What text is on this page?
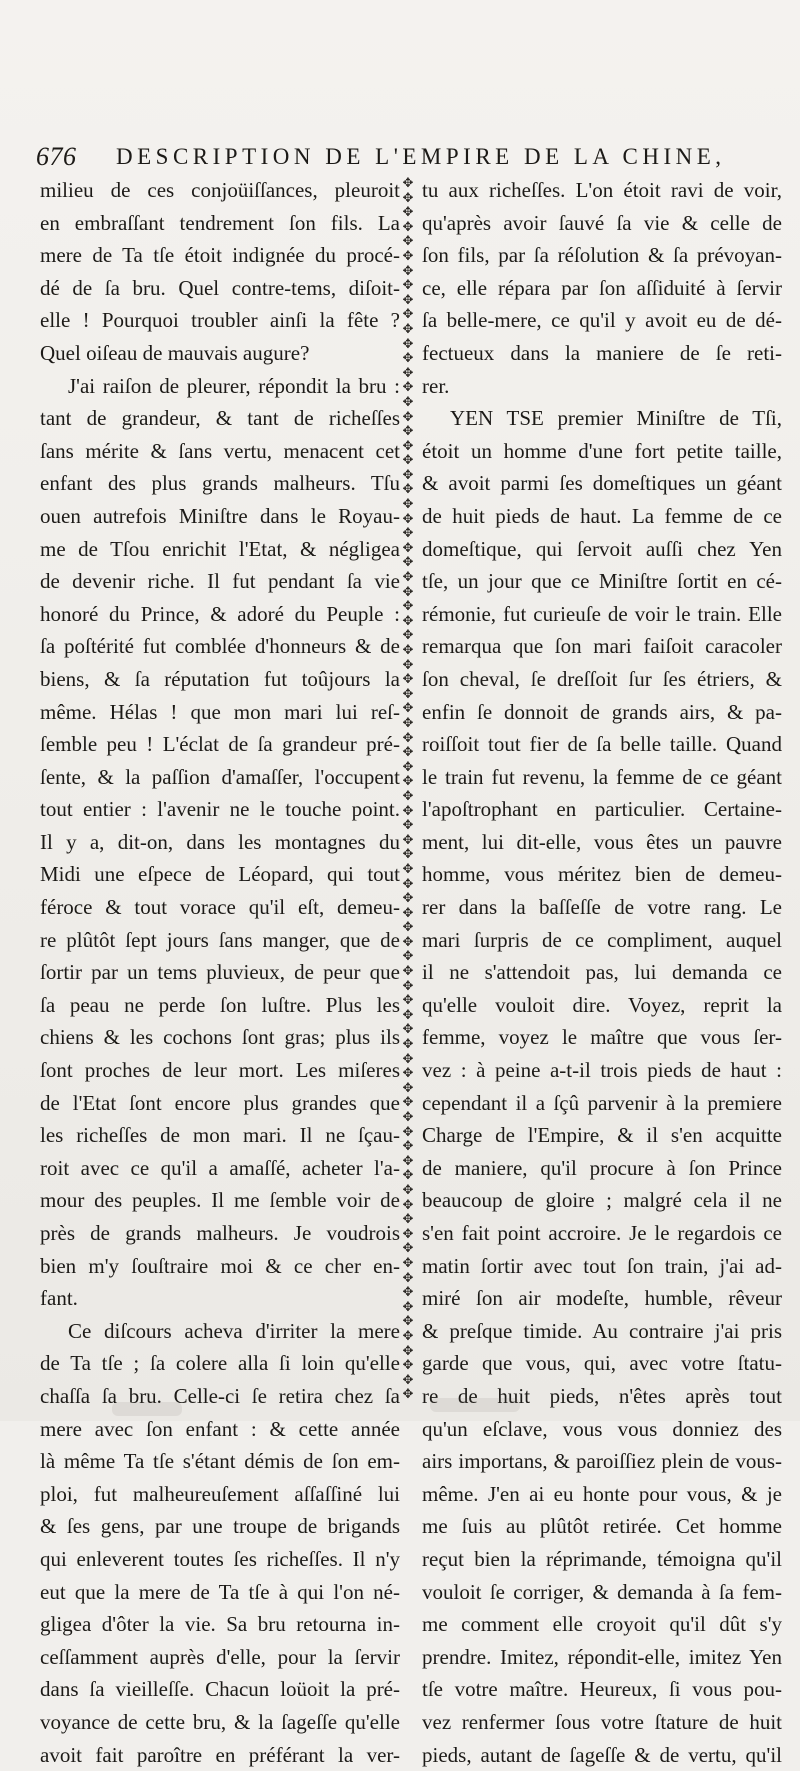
676 DESCRIPTION DE L'EMPIRE DE LA CHINE,
milieu de ces conjoüiſſances, pleuroit
en embraſſant tendrement ſon fils. La
mere de Ta tſe étoit indignée du procé-
dé de ſa bru. Quel contre-tems, diſoit-
elle ! Pourquoi troubler ainſi la fête ?
Quel oiſeau de mauvais augure?
J'ai raiſon de pleurer, répondit la bru :
tant de grandeur, & tant de richeſſes
ſans mérite & ſans vertu, menacent cet
enfant des plus grands malheurs. Tſu
ouen autrefois Miniſtre dans le Royau-
me de Tſou enrichit l'Etat, & négligea
de devenir riche. Il fut pendant ſa vie
honoré du Prince, & adoré du Peuple :
ſa poſtérité fut comblée d'honneurs & de
biens, & ſa réputation fut toûjours la
même. Hélas ! que mon mari lui reſ-
ſemble peu ! L'éclat de ſa grandeur pré-
ſente, & la paſſion d'amaſſer, l'occupent
tout entier : l'avenir ne le touche point.
Il y a, dit-on, dans les montagnes du
Midi une eſpece de Léopard, qui tout
féroce & tout vorace qu'il eſt, demeu-
re plûtôt ſept jours ſans manger, que de
ſortir par un tems pluvieux, de peur que
ſa peau ne perde ſon luſtre. Plus les
chiens & les cochons ſont gras; plus ils
ſont proches de leur mort. Les miſeres
de l'Etat ſont encore plus grandes que
les richeſſes de mon mari. Il ne ſçau-
roit avec ce qu'il a amaſſé, acheter l'a-
mour des peuples. Il me ſemble voir de
près de grands malheurs. Je voudrois
bien m'y ſouſtraire moi & ce cher en-
fant.
Ce diſcours acheva d'irriter la mere
de Ta tſe ; ſa colere alla ſi loin qu'elle
chaſſa ſa bru. Celle-ci ſe retira chez ſa
mere avec ſon enfant : & cette année
là même Ta tſe s'étant démis de ſon em-
ploi, fut malheureuſement aſſaſſiné lui
& ſes gens, par une troupe de brigands
qui enleverent toutes ſes richeſſes. Il n'y
eut que la mere de Ta tſe à qui l'on né-
gligea d'ôter la vie. Sa bru retourna in-
ceſſamment auprès d'elle, pour la ſervir
dans ſa vieilleſſe. Chacun loüoit la pré-
voyance de cette bru, & la ſageſſe qu'elle
avoit fait paroître en préférant la ver-
✥
✥
✥
✥
✥
✥
✥
✥
✥
✥
✥
✥
✥
✥
✥
✥
✥
✥
✥
✥
✥
✥
✥
✥
✥
✥
✥
✥
✥
✥
✥
✥
✥
✥
✥
✥
✥
✥
✥
✥
✥
✥
✥
✥
✥
✥
✥
✥
✥
✥
✥
✥
✥
✥
✥
✥
✥
✥
✥
✥
✥
✥
✥
✥
✥
✥
✥
✥
✥
✥
✥
✥
✥
✥
✥
✥
✥
✥
✥
✥
✥
✥
✥
✥
tu aux richeſſes. L'on étoit ravi de voir,
qu'après avoir ſauvé ſa vie & celle de
ſon fils, par ſa réſolution & ſa prévoyan-
ce, elle répara par ſon aſſiduité à ſervir
ſa belle-mere, ce qu'il y avoit eu de dé-
fectueux dans la maniere de ſe reti-
rer.
YEN TSE premier Miniſtre de Tſi,
étoit un homme d'une fort petite taille,
& avoit parmi ſes domeſtiques un géant
de huit pieds de haut. La femme de ce
domeſtique, qui ſervoit auſſi chez Yen
tſe, un jour que ce Miniſtre ſortit en cé-
rémonie, fut curieuſe de voir le train. Elle
remarqua que ſon mari faiſoit caracoler
ſon cheval, ſe dreſſoit ſur ſes étriers, &
enfin ſe donnoit de grands airs, & pa-
roiſſoit tout fier de ſa belle taille. Quand
le train fut revenu, la femme de ce géant
l'apoſtrophant en particulier. Certaine-
ment, lui dit-elle, vous êtes un pauvre
homme, vous méritez bien de demeu-
rer dans la baſſeſſe de votre rang. Le
mari ſurpris de ce compliment, auquel
il ne s'attendoit pas, lui demanda ce
qu'elle vouloit dire. Voyez, reprit la
femme, voyez le maître que vous ſer-
vez : à peine a-t-il trois pieds de haut :
cependant il a ſçû parvenir à la premiere
Charge de l'Empire, & il s'en acquitte
de maniere, qu'il procure à ſon Prince
beaucoup de gloire ; malgré cela il ne
s'en fait point accroire. Je le regardois ce
matin ſortir avec tout ſon train, j'ai ad-
miré ſon air modeſte, humble, rêveur
& preſque timide. Au contraire j'ai pris
garde que vous, qui, avec votre ſtatu-
re de huit pieds, n'êtes après tout
qu'un eſclave, vous vous donniez des
airs importans, & paroiſſiez plein de vous-
même. J'en ai eu honte pour vous, & je
me ſuis au plûtôt retirée. Cet homme
reçut bien la réprimande, témoigna qu'il
vouloit ſe corriger, & demanda à ſa fem-
me comment elle croyoit qu'il dût s'y
prendre. Imitez, répondit-elle, imitez Yen
tſe votre maître. Heureux, ſi vous pou-
vez renfermer ſous votre ſtature de huit
pieds, autant de ſageſſe & de vertu, qu'il
